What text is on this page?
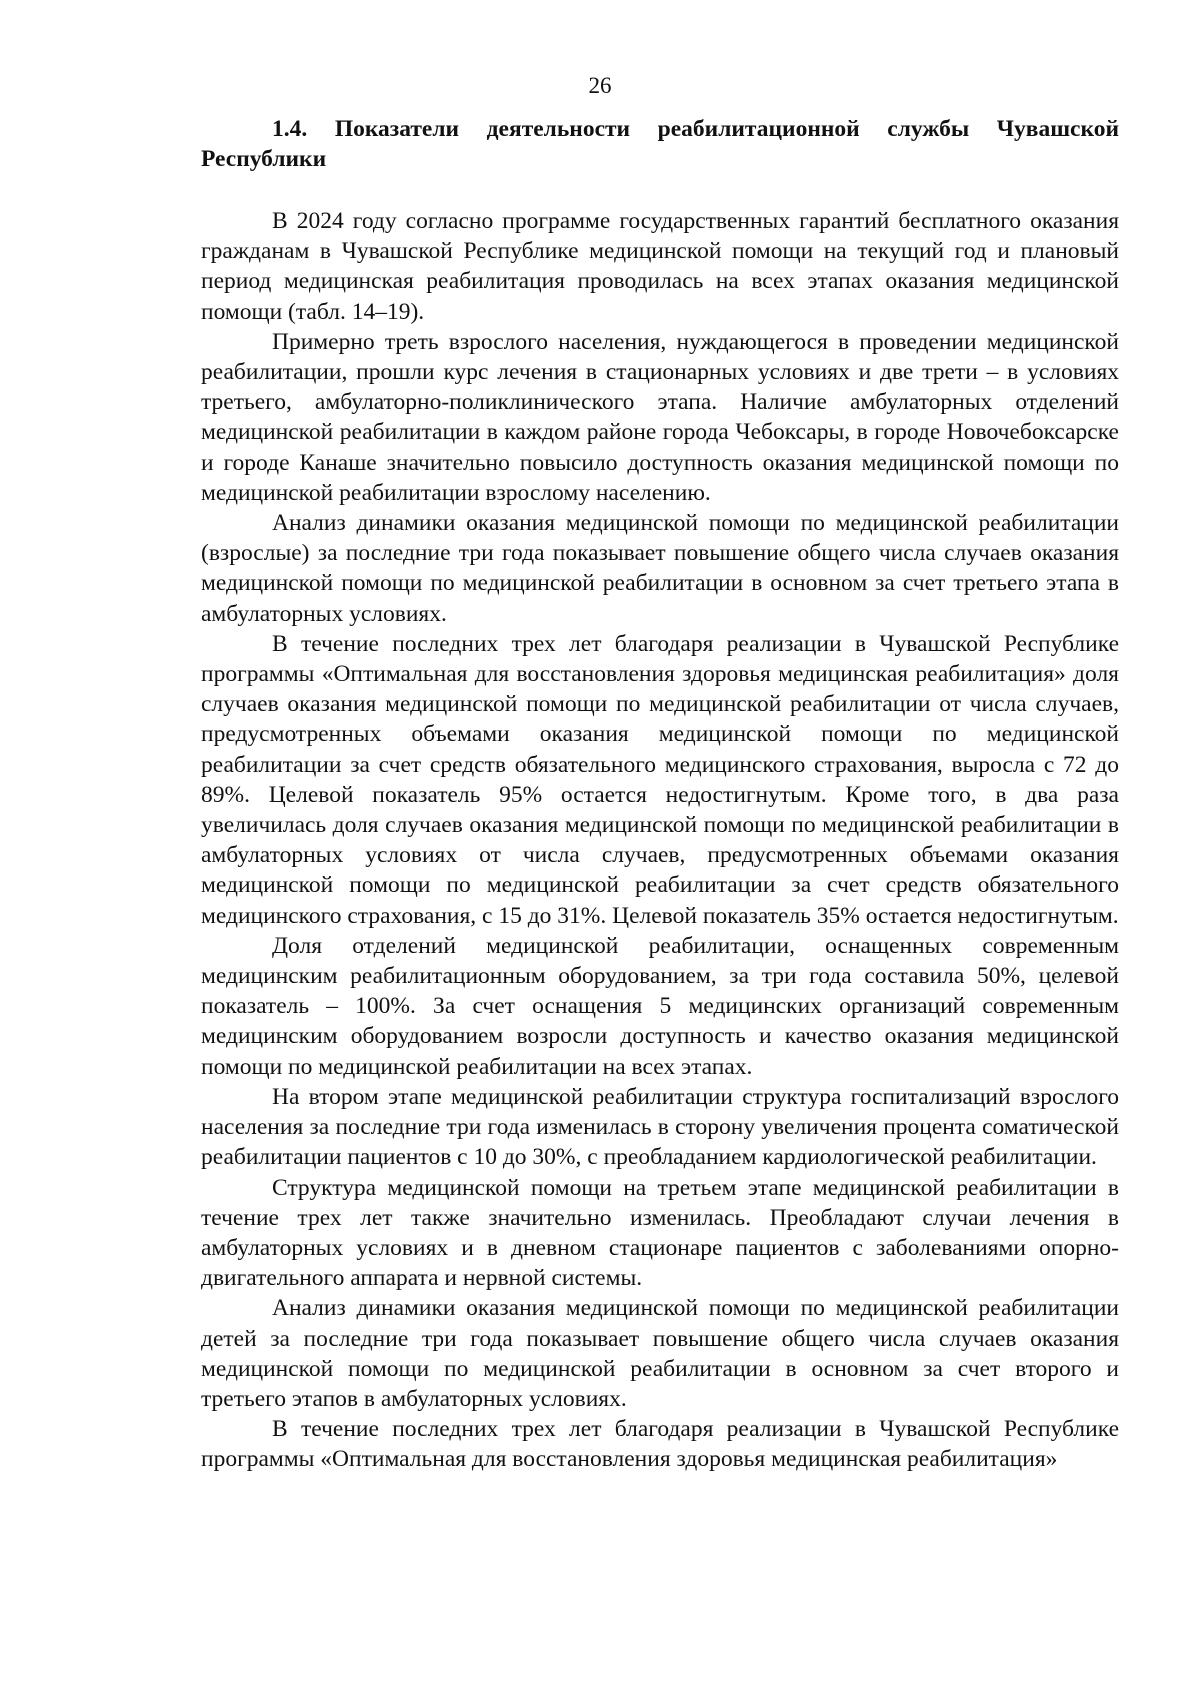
26
1.4. Показатели деятельности реабилитационной службы Чувашской Республики

В 2024 году согласно программе государственных гарантий бесплатного оказания гражданам в Чувашской Республике медицинской помощи на текущий год и плановый период медицинская реабилитация проводилась на всех этапах оказания медицинской помощи (табл. 14–19).

Примерно треть взрослого населения, нуждающегося в проведении медицинской реабилитации, прошли курс лечения в стационарных условиях и две трети – в условиях третьего, амбулаторно-поликлинического этапа. Наличие амбулаторных отделений медицинской реабилитации в каждом районе города Чебоксары, в городе Новочебоксарске и городе Канаше значительно повысило доступность оказания медицинской помощи по медицинской реабилитации взрослому населению.

Анализ динамики оказания медицинской помощи по медицинской реабилитации (взрослые) за последние три года показывает повышение общего числа случаев оказания медицинской помощи по медицинской реабилитации в основном за счет третьего этапа в амбулаторных условиях.

В течение последних трех лет благодаря реализации в Чувашской Республике программы «Оптимальная для восстановления здоровья медицинская реабилитация» доля случаев оказания медицинской помощи по медицинской реабилитации от числа случаев, предусмотренных объемами оказания медицинской помощи по медицинской реабилитации за счет средств обязательного медицинского страхования, выросла с 72 до 89%. Целевой показатель 95% остается недостигнутым. Кроме того, в два раза увеличилась доля случаев оказания медицинской помощи по медицинской реабилитации в амбулаторных условиях от числа случаев, предусмотренных объемами оказания медицинской помощи по медицинской реабилитации за счет средств обязательного медицинского страхования, с 15 до 31%. Целевой показатель 35% остается недостигнутым.

Доля отделений медицинской реабилитации, оснащенных современным медицинским реабилитационным оборудованием, за три года составила 50%, целевой показатель – 100%. За счет оснащения 5 медицинских организаций современным медицинским оборудованием возросли доступность и качество оказания медицинской помощи по медицинской реабилитации на всех этапах.

На втором этапе медицинской реабилитации структура госпитализаций взрослого населения за последние три года изменилась в сторону увеличения процента соматической реабилитации пациентов с 10 до 30%, с преобладанием кардиологической реабилитации.

Структура медицинской помощи на третьем этапе медицинской реабилитации в течение трех лет также значительно изменилась. Преобладают случаи лечения в амбулаторных условиях и в дневном стационаре пациентов с заболеваниями опорно-двигательного аппарата и нервной системы.

Анализ динамики оказания медицинской помощи по медицинской реабилитации детей за последние три года показывает повышение общего числа случаев оказания медицинской помощи по медицинской реабилитации в основном за счет второго и третьего этапов в амбулаторных условиях.

В течение последних трех лет благодаря реализации в Чувашской Республике программы «Оптимальная для восстановления здоровья медицинская реабилитация»
